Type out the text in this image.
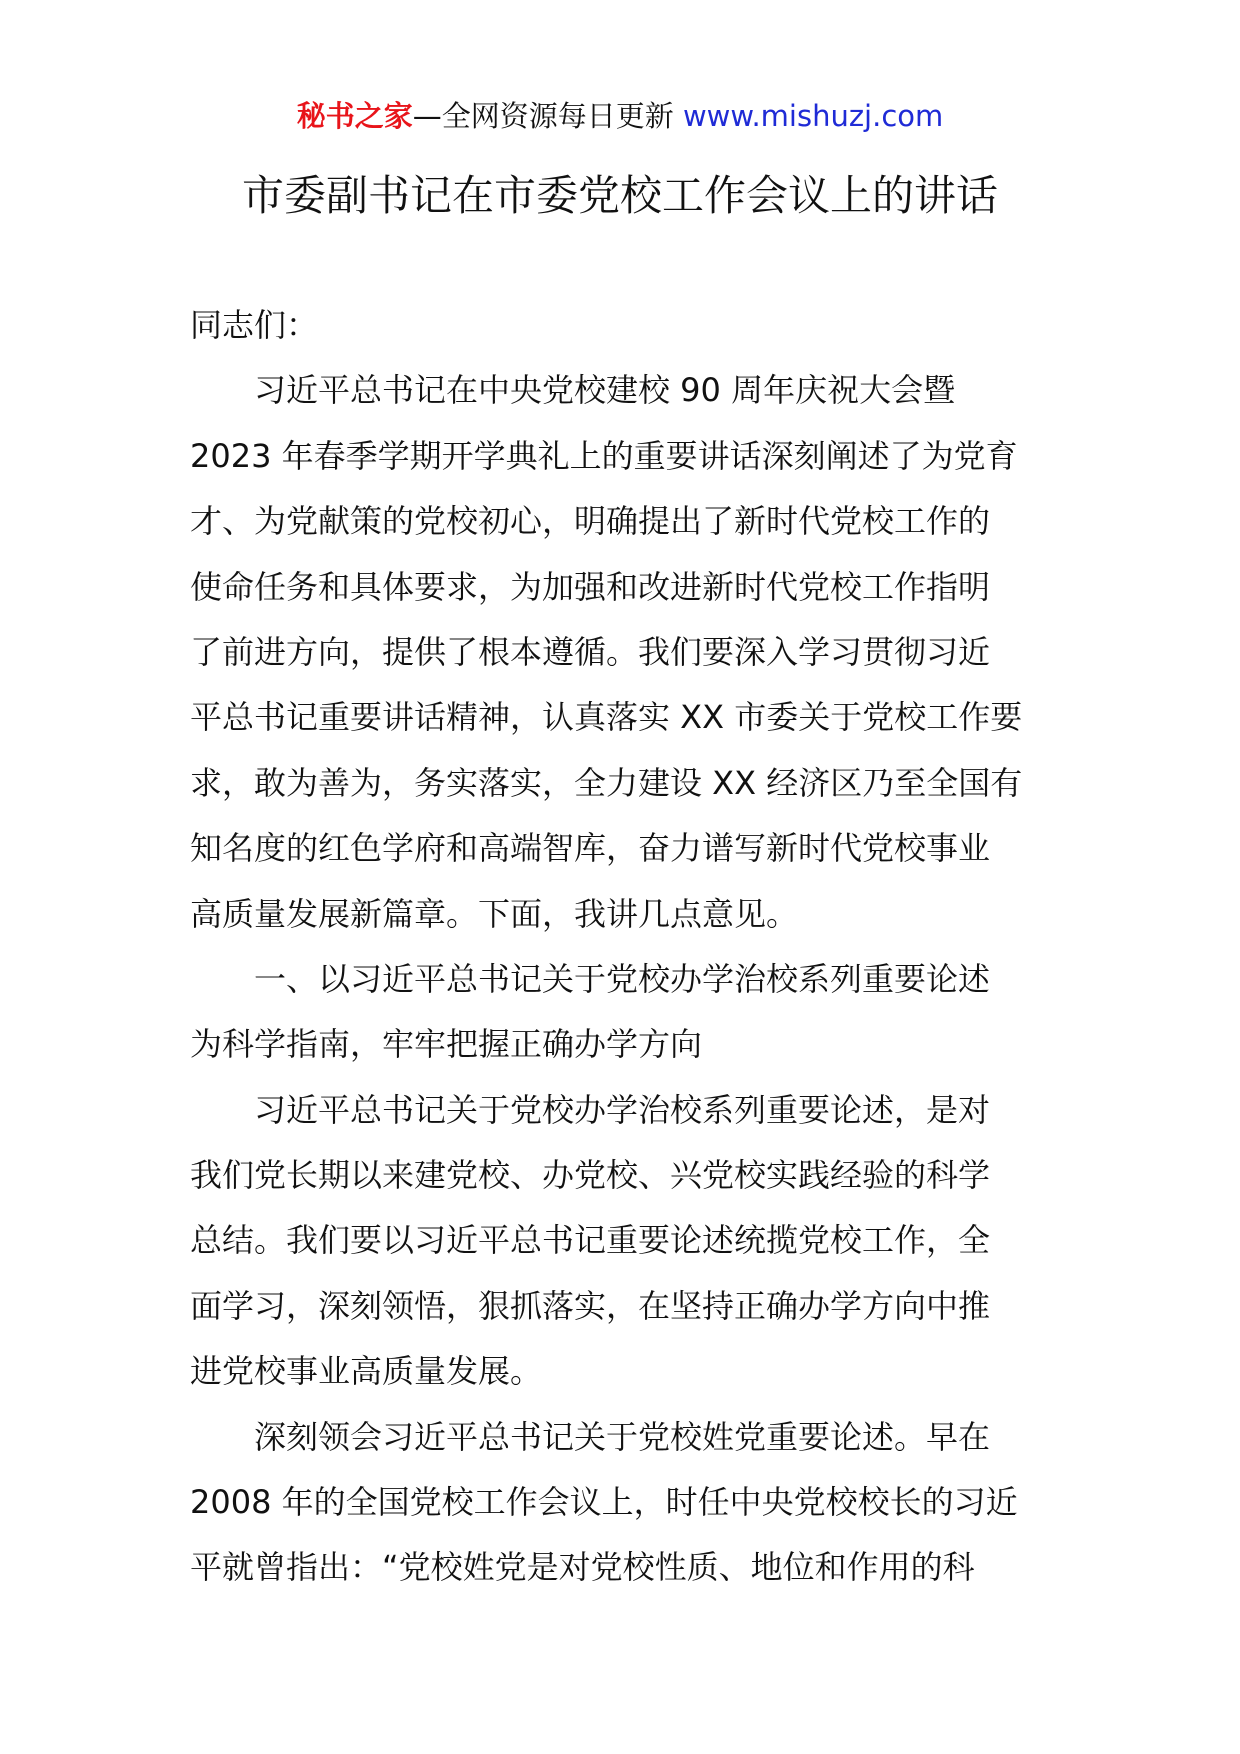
秘书之家—全网资源每日更新 www.mishuzj.com
市委副书记在市委党校工作会议上的讲话
同志们：
习近平总书记在中央党校建校 90 周年庆祝大会暨
2023 年春季学期开学典礼上的重要讲话深刻阐述了为党育
才、为党献策的党校初心，明确提出了新时代党校工作的
使命任务和具体要求，为加强和改进新时代党校工作指明
了前进方向，提供了根本遵循。我们要深入学习贯彻习近
平总书记重要讲话精神，认真落实 XX 市委关于党校工作要
求，敢为善为，务实落实，全力建设 XX 经济区乃至全国有
知名度的红色学府和高端智库，奋力谱写新时代党校事业
高质量发展新篇章。下面，我讲几点意见。
一、以习近平总书记关于党校办学治校系列重要论述
为科学指南，牢牢把握正确办学方向
习近平总书记关于党校办学治校系列重要论述，是对
我们党长期以来建党校、办党校、兴党校实践经验的科学
总结。我们要以习近平总书记重要论述统揽党校工作，全
面学习，深刻领悟，狠抓落实，在坚持正确办学方向中推
进党校事业高质量发展。
深刻领会习近平总书记关于党校姓党重要论述。早在
2008 年的全国党校工作会议上，时任中央党校校长的习近
平就曾指出：“党校姓党是对党校性质、地位和作用的科
